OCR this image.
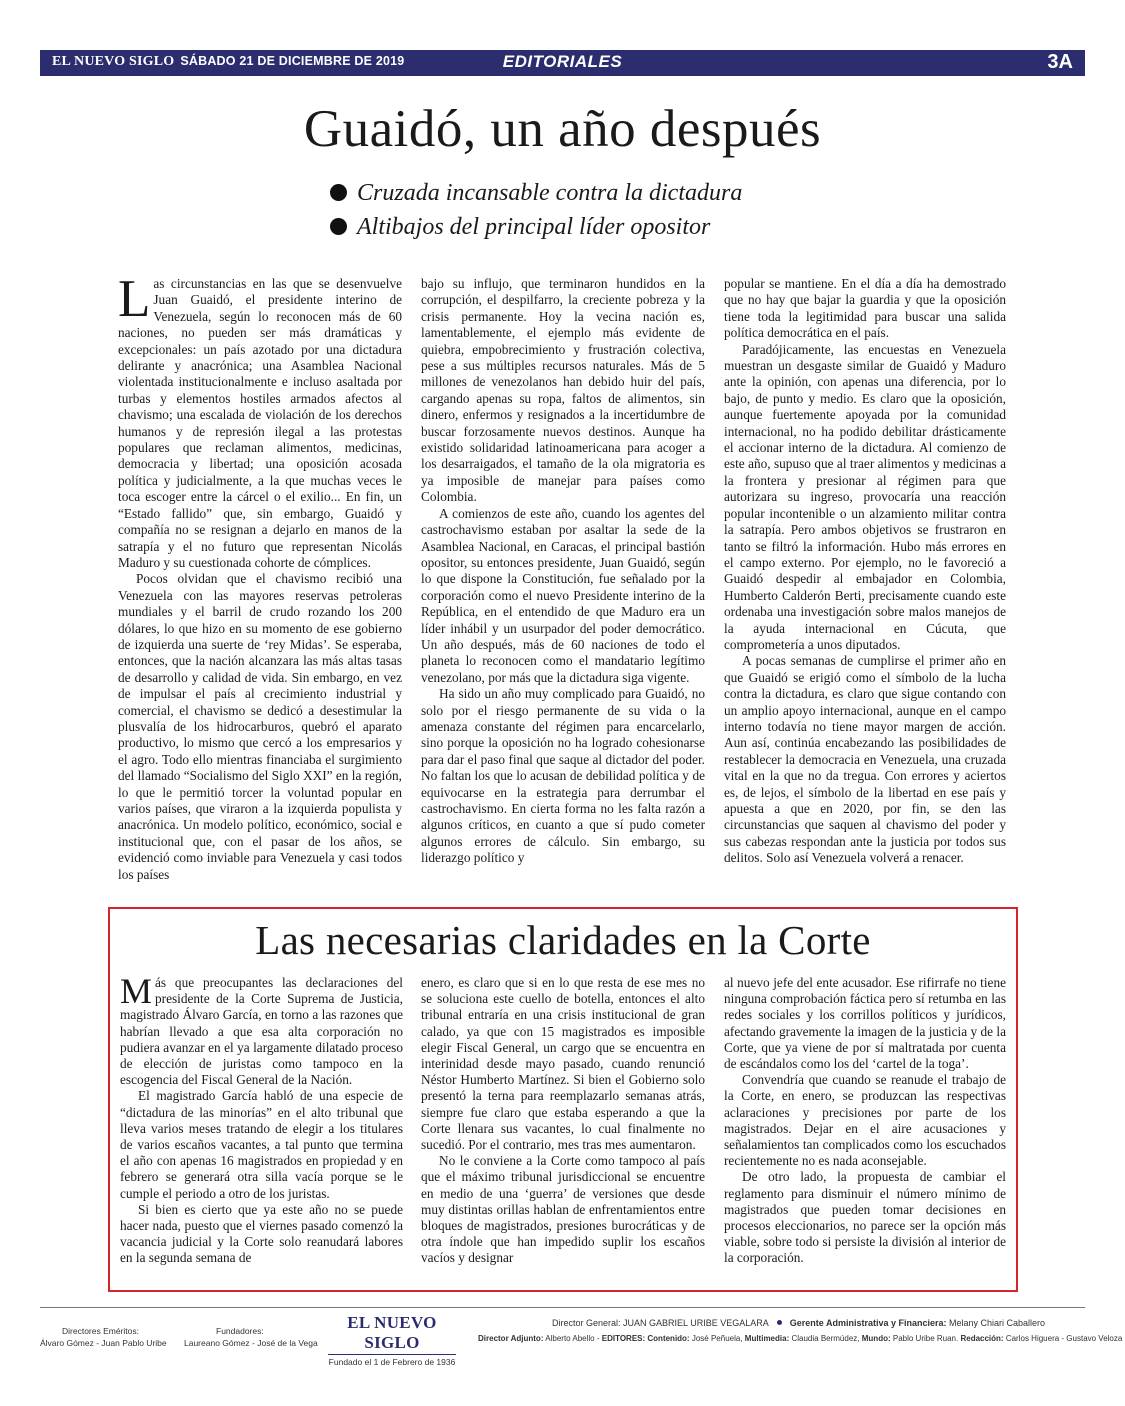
EL NUEVO SIGLO SÁBADO 21 DE DICIEMBRE DE 2019	EDITORIALES	3A
Guaidó, un año después
Cruzada incansable contra la dictadura
Altibajos del principal líder opositor

Las circunstancias en las que se desenvuelve Juan Guaidó, el presidente interino de Venezuela, según lo reconocen más de 60 naciones, no pueden ser más dramáticas y excepcionales: un país azotado por una dictadura delirante y anacrónica; una Asamblea Nacional violentada institucionalmente e incluso asaltada por turbas y elementos hostiles armados afectos al chavismo; una escalada de violación de los derechos humanos y de represión ilegal a las protestas populares que reclaman alimentos, medicinas, democracia y libertad; una oposición acosada política y judicialmente, a la que muchas veces le toca escoger entre la cárcel o el exilio... En fin, un “Estado fallido” que, sin embargo, Guaidó y compañía no se resignan a dejarlo en manos de la satrapía y el no futuro que representan Nicolás Maduro y su cuestionada cohorte de cómplices.

Pocos olvidan que el chavismo recibió una Venezuela con las mayores reservas petroleras mundiales y el barril de crudo rozando los 200 dólares, lo que hizo en su momento de ese gobierno de izquierda una suerte de ‘rey Midas’. Se esperaba, entonces, que la nación alcanzara las más altas tasas de desarrollo y calidad de vida. Sin embargo, en vez de impulsar el país al crecimiento industrial y comercial, el chavismo se dedicó a desestimular la plusvalía de los hidrocarburos, quebró el aparato productivo, lo mismo que cercó a los empresarios y el agro. Todo ello mientras financiaba el surgimiento del llamado “Socialismo del Siglo XXI” en la región, lo que le permitió torcer la voluntad popular en varios países, que viraron a la izquierda populista y anacrónica. Un modelo político, económico, social e institucional que, con el pasar de los años, se evidenció como inviable para Venezuela y casi todos los países

bajo su influjo, que terminaron hundidos en la corrupción, el despilfarro, la creciente pobreza y la crisis permanente. Hoy la vecina nación es, lamentablemente, el ejemplo más evidente de quiebra, empobrecimiento y frustración colectiva, pese a sus múltiples recursos naturales. Más de 5 millones de venezolanos han debido huir del país, cargando apenas su ropa, faltos de alimentos, sin dinero, enfermos y resignados a la incertidumbre de buscar forzosamente nuevos destinos. Aunque ha existido solidaridad latinoamericana para acoger a los desarraigados, el tamaño de la ola migratoria es ya imposible de manejar para países como Colombia.

A comienzos de este año, cuando los agentes del castrochavismo estaban por asaltar la sede de la Asamblea Nacional, en Caracas, el principal bastión opositor, su entonces presidente, Juan Guaidó, según lo que dispone la Constitución, fue señalado por la corporación como el nuevo Presidente interino de la República, en el entendido de que Maduro era un líder inhábil y un usurpador del poder democrático. Un año después, más de 60 naciones de todo el planeta lo reconocen como el mandatario legítimo venezolano, por más que la dictadura siga vigente.

Ha sido un año muy complicado para Guaidó, no solo por el riesgo permanente de su vida o la amenaza constante del régimen para encarcelarlo, sino porque la oposición no ha logrado cohesionarse para dar el paso final que saque al dictador del poder. No faltan los que lo acusan de debilidad política y de equivocarse en la estrategia para derrumbar el castrochavismo. En cierta forma no les falta razón a algunos críticos, en cuanto a que sí pudo cometer algunos errores de cálculo. Sin embargo, su liderazgo político y

popular se mantiene. En el día a día ha demostrado que no hay que bajar la guardia y que la oposición tiene toda la legitimidad para buscar una salida política democrática en el país.

Paradójicamente, las encuestas en Venezuela muestran un desgaste similar de Guaidó y Maduro ante la opinión, con apenas una diferencia, por lo bajo, de punto y medio. Es claro que la oposición, aunque fuertemente apoyada por la comunidad internacional, no ha podido debilitar drásticamente el accionar interno de la dictadura. Al comienzo de este año, supuso que al traer alimentos y medicinas a la frontera y presionar al régimen para que autorizara su ingreso, provocaría una reacción popular incontenible o un alzamiento militar contra la satrapía. Pero ambos objetivos se frustraron en tanto se filtró la información. Hubo más errores en el campo externo. Por ejemplo, no le favoreció a Guaidó despedir al embajador en Colombia, Humberto Calderón Berti, precisamente cuando este ordenaba una investigación sobre malos manejos de la ayuda internacional en Cúcuta, que comprometería a unos diputados.

A pocas semanas de cumplirse el primer año en que Guaidó se erigió como el símbolo de la lucha contra la dictadura, es claro que sigue contando con un amplio apoyo internacional, aunque en el campo interno todavía no tiene mayor margen de acción. Aun así, continúa encabezando las posibilidades de restablecer la democracia en Venezuela, una cruzada vital en la que no da tregua. Con errores y aciertos es, de lejos, el símbolo de la libertad en ese país y apuesta a que en 2020, por fin, se den las circunstancias que saquen al chavismo del poder y sus cabezas respondan ante la justicia por todos sus delitos. Solo así Venezuela volverá a renacer.

Las necesarias claridades en la Corte

Más que preocupantes las declaraciones del presidente de la Corte Suprema de Justicia, magistrado Álvaro García, en torno a las razones que habrían llevado a que esa alta corporación no pudiera avanzar en el ya largamente dilatado proceso de elección de juristas como tampoco en la escogencia del Fiscal General de la Nación.

El magistrado García habló de una especie de “dictadura de las minorías” en el alto tribunal que lleva varios meses tratando de elegir a los titulares de varios escaños vacantes, a tal punto que termina el año con apenas 16 magistrados en propiedad y en febrero se generará otra silla vacía porque se le cumple el periodo a otro de los juristas.

Si bien es cierto que ya este año no se puede hacer nada, puesto que el viernes pasado comenzó la vacancia judicial y la Corte solo reanudará labores en la segunda semana de

enero, es claro que si en lo que resta de ese mes no se soluciona este cuello de botella, entonces el alto tribunal entraría en una crisis institucional de gran calado, ya que con 15 magistrados es imposible elegir Fiscal General, un cargo que se encuentra en interinidad desde mayo pasado, cuando renunció Néstor Humberto Martínez. Si bien el Gobierno solo presentó la terna para reemplazarlo semanas atrás, siempre fue claro que estaba esperando a que la Corte llenara sus vacantes, lo cual finalmente no sucedió. Por el contrario, mes tras mes aumentaron.

No le conviene a la Corte como tampoco al país que el máximo tribunal jurisdiccional se encuentre en medio de una ‘guerra’ de versiones que desde muy distintas orillas hablan de enfrentamientos entre bloques de magistrados, presiones burocráticas y de otra índole que han impedido suplir los escaños vacíos y designar

al nuevo jefe del ente acusador. Ese rifirrafe no tiene ninguna comprobación fáctica pero sí retumba en las redes sociales y los corrillos políticos y jurídicos, afectando gravemente la imagen de la justicia y de la Corte, que ya viene de por sí maltratada por cuenta de escándalos como los del ‘cartel de la toga’.

Convendría que cuando se reanude el trabajo de la Corte, en enero, se produzcan las respectivas aclaraciones y precisiones por parte de los magistrados. Dejar en el aire acusaciones y señalamientos tan complicados como los escuchados recientemente no es nada aconsejable.

De otro lado, la propuesta de cambiar el reglamento para disminuir el número mínimo de magistrados que pueden tomar decisiones en procesos eleccionarios, no parece ser la opción más viable, sobre todo si persiste la división al interior de la corporación.

Directores Eméritos:
Álvaro Gómez - Juan Pablo Uribe
Fundadores:
Laureano Gómez - José de la Vega
EL NUEVO SIGLO
Fundado el 1 de Febrero de 1936
Director General: JUAN GABRIEL URIBE VEGALARA Gerente Administrativa y Financiera: Melany Chiari Caballero
Director Adjunto: Alberto Abello - EDITORES: Contenido: José Peñuela, Multimedia: Claudia Bermúdez, Mundo: Pablo Uribe Ruan. Redacción: Carlos Higuera - Gustavo Veloza
